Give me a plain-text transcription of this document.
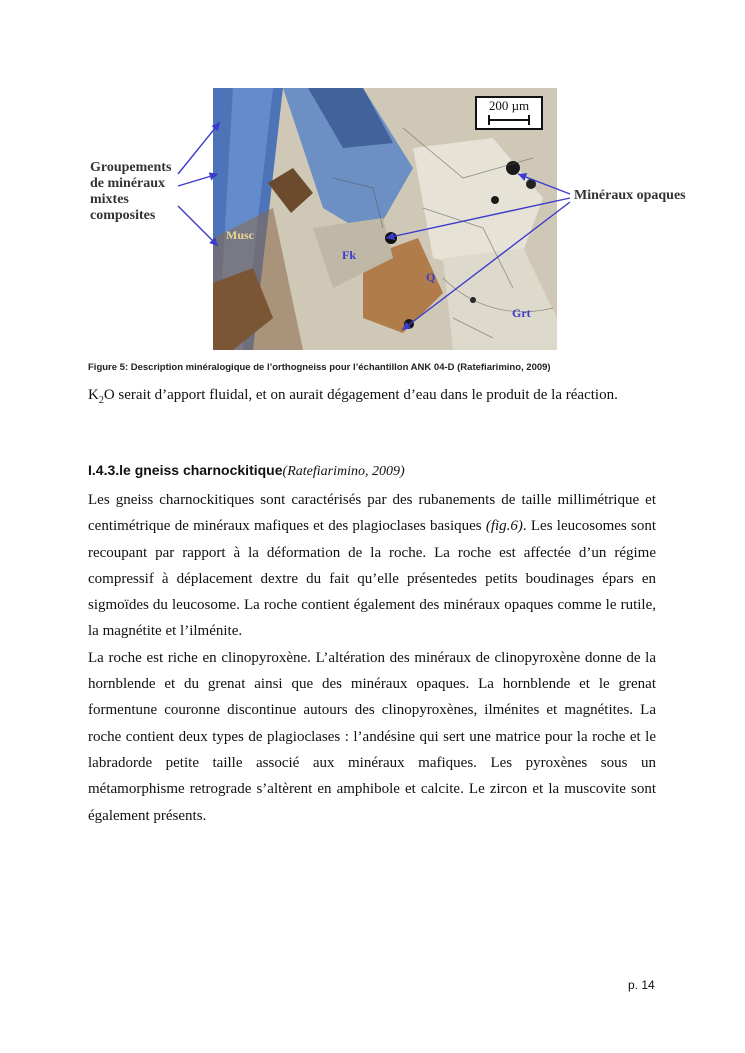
200 µm
Groupements
de minéraux
mixtes
composites
Minéraux opaques
Musc
Fk
Q
Grt
Figure 5: Description minéralogique de l’orthogneiss pour l’échantillon ANK 04-D (Ratefiarimino, 2009)
$K_2O$ serait d’apport fluidal, et on aurait dégagement d’eau dans le produit de la réaction.
I.4.3.le gneiss charnockitique(Ratefiarimino, 2009)

Les gneiss charnockitiques sont caractérisés par des rubanements de taille millimétrique et centimétrique de minéraux mafiques et des plagioclases basiques (fig.6). Les leucosomes sont recoupant par rapport à la déformation de la roche. La roche est affectée d’un régime compressif à déplacement dextre du fait qu’elle présentedes petits boudinages épars en sigmoïdes du leucosome. La roche contient également des minéraux opaques comme le rutile, la magnétite et l’ilménite.

La roche est riche en clinopyroxène. L’altération des minéraux de clinopyroxène donne de la hornblende et du grenat ainsi que des minéraux opaques. La hornblende et le grenat formentune couronne discontinue autours des clinopyroxènes, ilménites et magnétites. La roche contient deux types de plagioclases : l’andésine qui sert une matrice pour la roche et le labradorde petite taille associé aux minéraux mafiques. Les pyroxènes sous un métamorphisme retrograde s’altèrent en amphibole et calcite. Le zircon et la muscovite sont également présents.

p. 14
